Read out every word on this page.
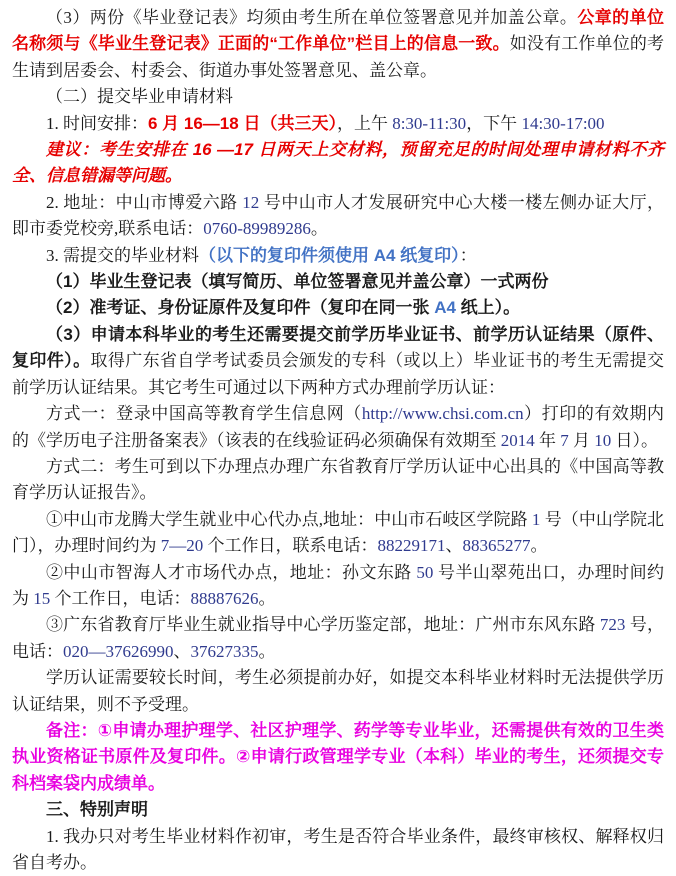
（3）两份《毕业登记表》均须由考生所在单位签署意见并加盖公章。公章的单位名称须与《毕业生登记表》正面的“工作单位”栏目上的信息一致。如没有工作单位的考生请到居委会、村委会、街道办事处签署意见、盖公章。

（二）提交毕业申请材料

1. 时间安排：6 月 16—18 日（共三天），上午 8:30-11:30，下午 14:30-17:00

建议：考生安排在 16 —17 日两天上交材料，预留充足的时间处理申请材料不齐全、信息错漏等问题。

2. 地址：中山市博爱六路 12 号中山市人才发展研究中心大楼一楼左侧办证大厅，即市委党校旁,联系电话：0760-89989286。

3. 需提交的毕业材料（以下的复印件须使用 A4 纸复印）：

（1）毕业生登记表（填写简历、单位签署意见并盖公章）一式两份

（2）准考证、身份证原件及复印件（复印在同一张 A4 纸上）。

（3）申请本科毕业的考生还需要提交前学历毕业证书、前学历认证结果（原件、复印件）。取得广东省自学考试委员会颁发的专科（或以上）毕业证书的考生无需提交前学历认证结果。其它考生可通过以下两种方式办理前学历认证：

方式一：登录中国高等教育学生信息网（http://www.chsi.com.cn）打印的有效期内的《学历电子注册备案表》（该表的在线验证码必须确保有效期至 2014 年 7 月 10 日）。

方式二：考生可到以下办理点办理广东省教育厅学历认证中心出具的《中国高等教育学历认证报告》。

①中山市龙腾大学生就业中心代办点,地址：中山市石岐区学院路 1 号（中山学院北门），办理时间约为 7—20 个工作日，联系电话：88229171、88365277。

②中山市智海人才市场代办点，地址：孙文东路 50 号半山翠苑出口，办理时间约为 15 个工作日，电话：88887626。

③广东省教育厅毕业生就业指导中心学历鉴定部，地址：广州市东风东路 723 号，电话：020—37626990、37627335。

学历认证需要较长时间，考生必须提前办好，如提交本科毕业材料时无法提供学历认证结果，则不予受理。

备注：①申请办理护理学、社区护理学、药学等专业毕业，还需提供有效的卫生类执业资格证书原件及复印件。②申请行政管理学专业（本科）毕业的考生，还须提交专科档案袋内成绩单。

三、特别声明

1. 我办只对考生毕业材料作初审，考生是否符合毕业条件，最终审核权、解释权归省自考办。
